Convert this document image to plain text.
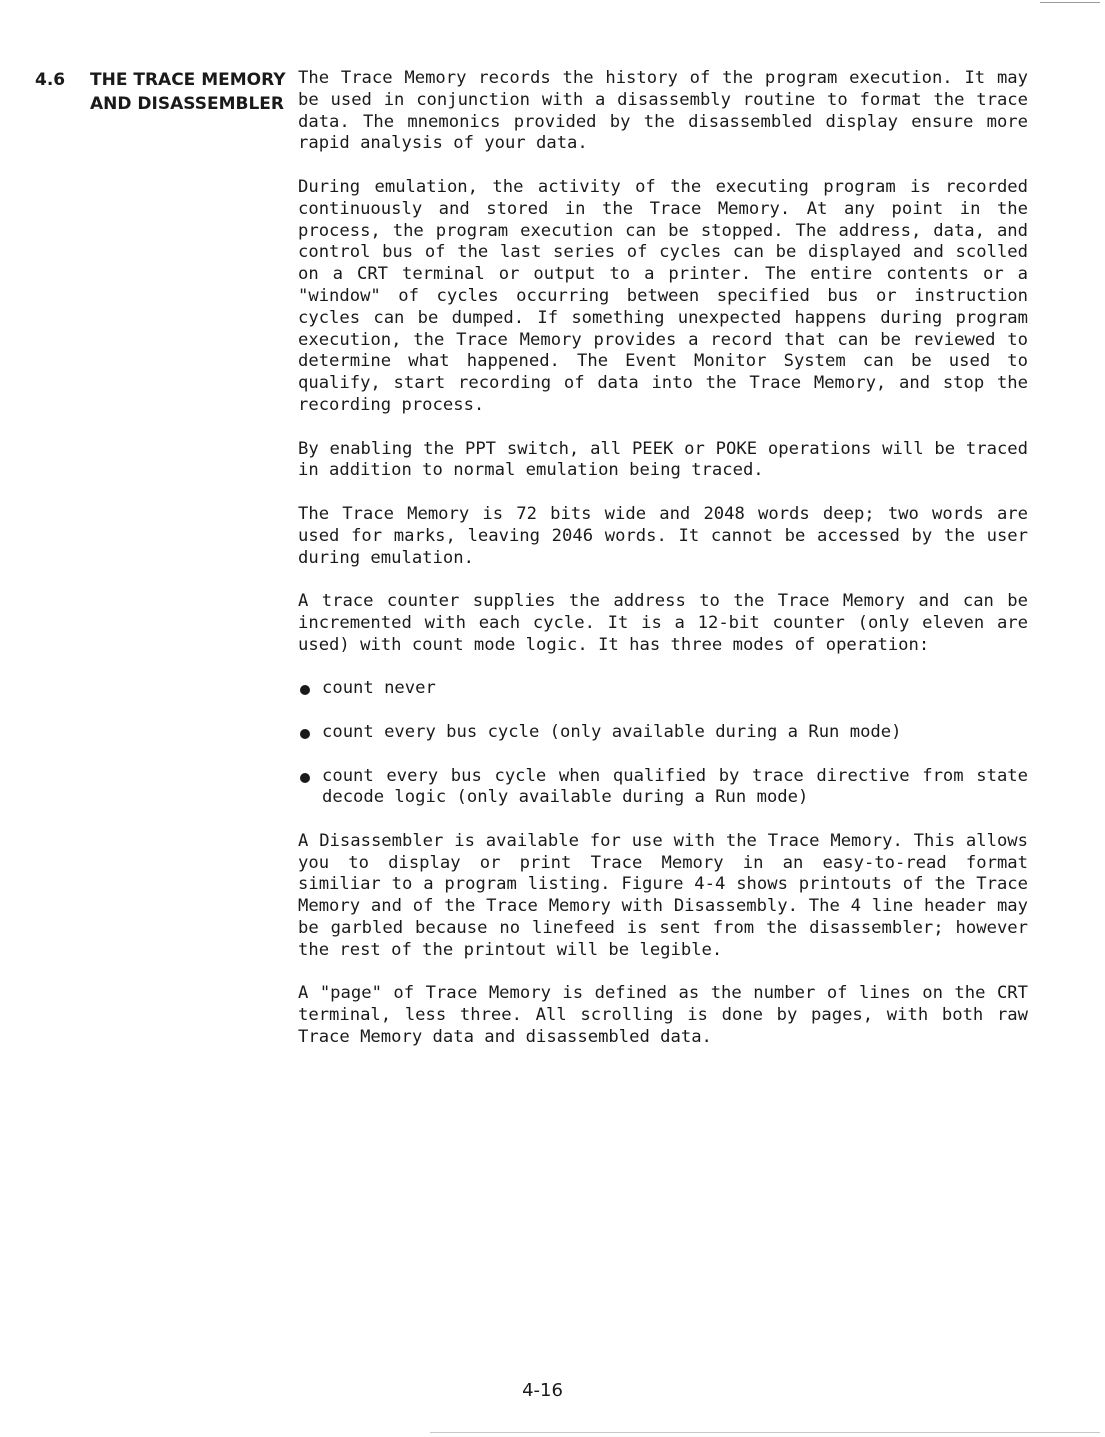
4.6 THE TRACE MEMORY
AND DISASSEMBLER

The Trace Memory records the history of the program execution. It may be used in conjunction with a disassembly routine to format the trace data. The mnemonics provided by the disassembled display ensure more rapid analysis of your data.

During emulation, the activity of the executing program is recorded continuously and stored in the Trace Memory. At any point in the process, the program execution can be stopped. The address, data, and control bus of the last series of cycles can be displayed and scolled on a CRT terminal or output to a printer. The entire contents or a "window" of cycles occurring between specified bus or instruction cycles can be dumped. If something unexpected happens during program execution, the Trace Memory provides a record that can be reviewed to determine what happened. The Event Monitor System can be used to qualify, start recording of data into the Trace Memory, and stop the recording process.

By enabling the PPT switch, all PEEK or POKE operations will be traced in addition to normal emulation being traced.

The Trace Memory is 72 bits wide and 2048 words deep; two words are used for marks, leaving 2046 words. It cannot be accessed by the user during emulation.

A trace counter supplies the address to the Trace Memory and can be incremented with each cycle. It is a 12-bit counter (only eleven are used) with count mode logic. It has three modes of operation:

count never
count every bus cycle (only available during a Run mode)
count every bus cycle when qualified by trace directive from state decode logic (only available during a Run mode)

A Disassembler is available for use with the Trace Memory. This allows you to display or print Trace Memory in an easy-to-read format similiar to a program listing. Figure 4-4 shows printouts of the Trace Memory and of the Trace Memory with Disassembly. The 4 line header may be garbled because no linefeed is sent from the disassembler; however the rest of the printout will be legible.

A "page" of Trace Memory is defined as the number of lines on the CRT terminal, less three. All scrolling is done by pages, with both raw Trace Memory data and disassembled data.

4-16
